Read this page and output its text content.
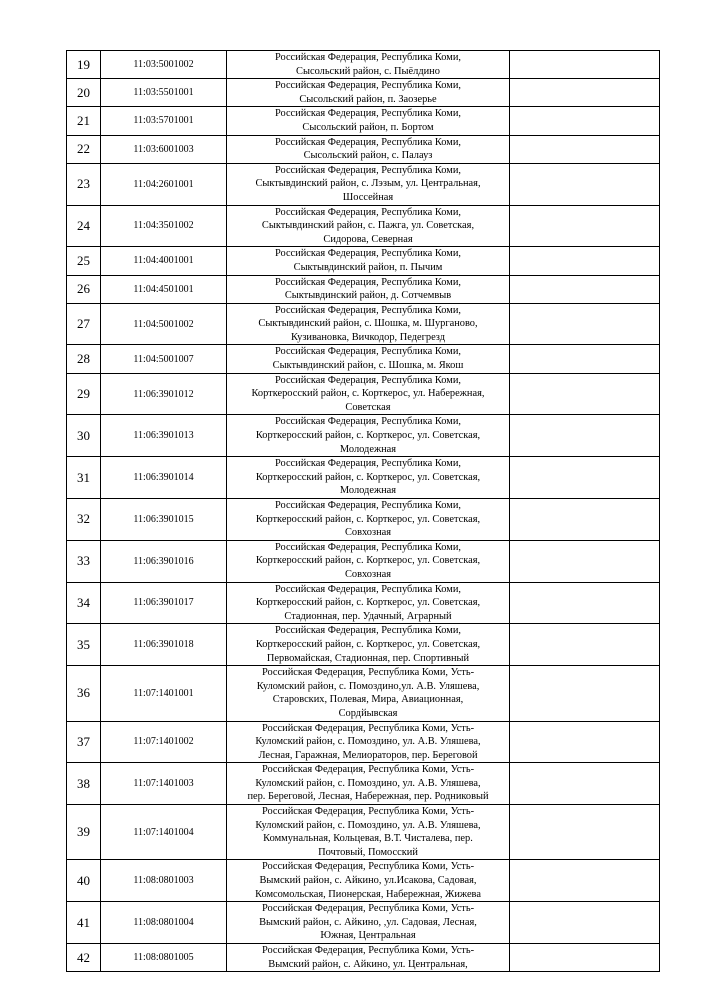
19	11:03:5001002	Российская Федерация, Республика Коми,
Сысольский район, с. Пыёлдино	

20	11:03:5501001	Российская Федерация, Республика Коми,
Сысольский район, п. Заозерье	

21	11:03:5701001	Российская Федерация, Республика Коми,
Сысольский район, п. Бортом	

22	11:03:6001003	Российская Федерация, Республика Коми,
Сысольский район, с. Палауз	

23	11:04:2601001	Российская Федерация, Республика Коми,
Сыктывдинский район, с. Лэзым, ул. Центральная,
Шоссейная	

24	11:04:3501002	Российская Федерация, Республика Коми,
Сыктывдинский район, с. Пажга, ул. Советская,
Сидорова, Северная	

25	11:04:4001001	Российская Федерация, Республика Коми,
Сыктывдинский район, п. Пычим	

26	11:04:4501001	Российская Федерация, Республика Коми,
Сыктывдинский район, д. Сотчемвыв	

27	11:04:5001002	Российская Федерация, Республика Коми,
Сыктывдинский район, с. Шошка, м. Шурганово,
Кузивановка, Вичкодор, Педегрезд	

28	11:04:5001007	Российская Федерация, Республика Коми,
Сыктывдинский район, с. Шошка, м. Якош	

29	11:06:3901012	Российская Федерация, Республика Коми,
Корткеросский район, с. Корткерос, ул. Набережная,
Советская	

30	11:06:3901013	Российская Федерация, Республика Коми,
Корткеросский район, с. Корткерос, ул. Советская,
Молодежная	

31	11:06:3901014	Российская Федерация, Республика Коми,
Корткеросский район, с. Корткерос, ул. Советская,
Молодежная	

32	11:06:3901015	Российская Федерация, Республика Коми,
Корткеросский район, с. Корткерос, ул. Советская,
Совхозная	

33	11:06:3901016	Российская Федерация, Республика Коми,
Корткеросский район, с. Корткерос, ул. Советская,
Совхозная	

34	11:06:3901017	Российская Федерация, Республика Коми,
Корткеросский район, с. Корткерос, ул. Советская,
Стадионная, пер. Удачный, Аграрный	

35	11:06:3901018	Российская Федерация, Республика Коми,
Корткеросский район, с. Корткерос, ул. Советская,
Первомайская, Стадионная, пер. Спортивный	

36	11:07:1401001	Российская Федерация, Республика Коми, Усть-
Куломский район, с. Помоздино,ул. А.В. Уляшева,
Старовских, Полевая, Мира, Авиационная,
Сордйывская	

37	11:07:1401002	Российская Федерация, Республика Коми, Усть-
Куломский район, с. Помоздино, ул. А.В. Уляшева,
Лесная, Гаражная, Мелиораторов, пер. Береговой	

38	11:07:1401003	Российская Федерация, Республика Коми, Усть-
Куломский район, с. Помоздино, ул. А.В. Уляшева,
пер. Береговой, Лесная, Набережная, пер. Родниковый	

39	11:07:1401004	Российская Федерация, Республика Коми, Усть-
Куломский район, с. Помоздино, ул. А.В. Уляшева,
Коммунальная, Кольцевая, В.Т. Чисталева, пер.
Почтовый, Помосский	

40	11:08:0801003	Российская Федерация, Республика Коми, Усть-
Вымский район, с. Айкино, ул.Исакова, Садовая,
Комсомольская, Пионерская, Набережная, Жижева	

41	11:08:0801004	Российская Федерация, Республика Коми, Усть-
Вымский район, с. Айкино, ,ул. Садовая, Лесная,
Южная, Центральная	

42	11:08:0801005	Российская Федерация, Республика Коми, Усть-
Вымский район, с. Айкино, ул. Центральная,	
